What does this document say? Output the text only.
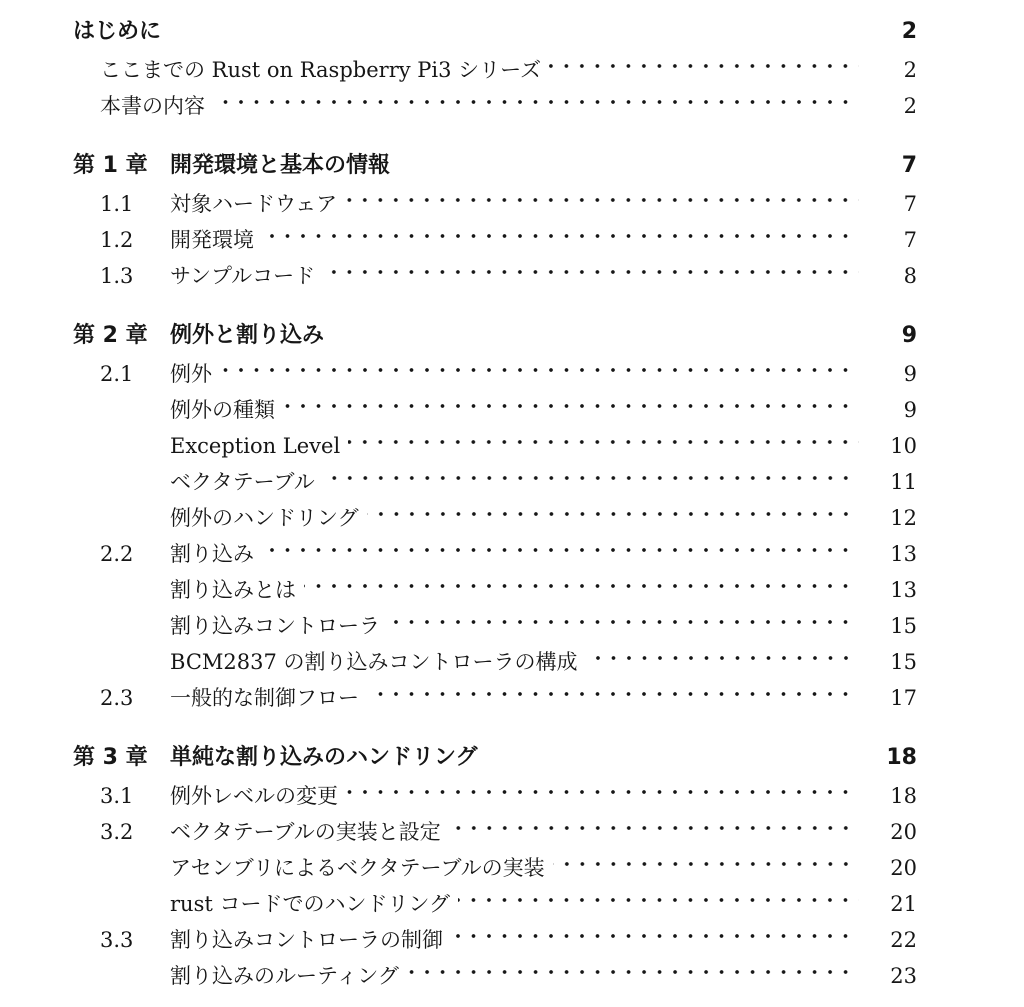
はじめに	2
ここまでの Rust on Raspberry Pi3 シリーズ	2
本書の内容	2
第 1 章	開発環境と基本の情報	7
1.1	対象ハードウェア	7
1.2	開発環境	7
1.3	サンプルコード	8
第 2 章	例外と割り込み	9
2.1	例外	9
例外の種類	9
Exception Level	10
ベクタテーブル	11
例外のハンドリング	12
2.2	割り込み	13
割り込みとは	13
割り込みコントローラ	15
BCM2837 の割り込みコントローラの構成	15
2.3	一般的な制御フロー	17
第 3 章	単純な割り込みのハンドリング	18
3.1	例外レベルの変更	18
3.2	ベクタテーブルの実装と設定	20
アセンブリによるベクタテーブルの実装	20
rust コードでのハンドリング	21
3.3	割り込みコントローラの制御	22
割り込みのルーティング	23
